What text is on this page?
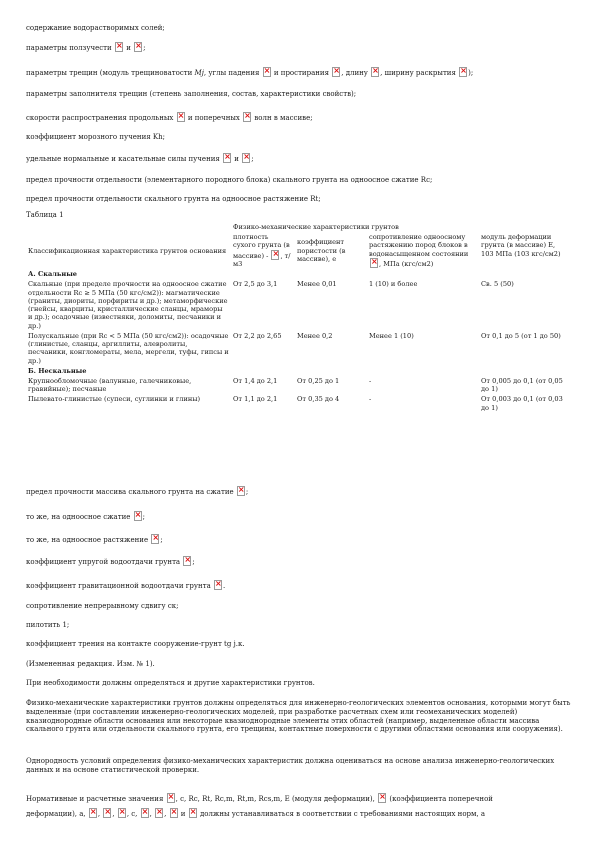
содержание водорастворимых солей;
параметры ползучести × и × ;
параметры трещин (модуль трещиноватости Mj, углы падения × и простирания × , длину × , ширину раскрытия × );
параметры заполнителя трещин (степень заполнения, состав, характеристики свойств);
скорости распространения продольных × и поперечных × волн в массиве;
коэффициент морозного пучения Kh;
удельные нормальные и касательные силы пучения × и × ;
предел прочности отдельности (элементарного породного блока) скального грунта на одноосное сжатие Rc;
предел прочности отдельности скального грунта на одноосное растяжение Rt;
Таблица 1
	Физико-механические характеристики грунтов			
Классификационная характеристика грунтов основания	плотность сухого грунта (в массиве) - × , т/м3	коэффициент пористости (в массиве), е	сопротивление одноосному растяжению пород блоков в водонасыщенном состоянии ×, МПа (кгс/см2)	модуль деформации грунта (в массиве) Е, 103 МПа (103 кгс/см2)
А. Скальные				
Скальные (при пределе прочности на одноосное сжатие отдельности Rc ≥ 5 МПа (50 кгс/см2)): магматические (граниты, диориты, порфириты и др.); метаморфические (гнейсы, кварциты, кристаллические сланцы, мраморы и др.); осадочные (известняки, доломиты, песчаники и др.)	От 2,5 до 3,1	Менее 0,01	1 (10) и более	Св. 5 (50)
Полускальные (при Rc < 5 МПа (50 кгс/см2)): осадочные (глинистые, сланцы, аргиллиты, алевролиты, песчаники, конгломераты, мела, мергели, туфы, гипсы и др.)	От 2,2 до 2,65	Менее 0,2	Менее 1 (10)	От 0,1 до 5 (от 1 до 50)
Б. Нескальные				
Крупнообломочные (валунные, галечниковые, гравийные); песчаные	От 1,4 до 2,1	От 0,25 до 1	-	От 0,005 до 0,1 (от 0,05 до 1)
Пылевато-глинистые (супеси, суглинки и глины)	От 1,1 до 2,1	От 0,35 до 4	-	От 0,003 до 0,1 (от 0,03 до 1)
предел прочности массива скального грунта на сжатие × ;
то же, на одноосное сжатие × ;
то же, на одноосное растяжение × ;
коэффициент упругой водоотдачи грунта × ;
коэффициент гравитационной водоотдачи грунта × .
сопротивление непрерывному сдвигу ск;
пилотить 1;
коэффициент трения на контакте сооружение-грунт tg j.к.
(Измененная редакция. Изм. № 1).
При необходимости должны определяться и другие характеристики грунтов.
Физико-механические характеристики грунтов должны определяться для инженерно-геологических элементов основания, которыми могут быть выделенные (при составлении инженерно-геологических моделей, при разработке расчетных схем или геомеханических моделей) квазиоднородные области основания или некоторые квазиоднородные элементы этих областей (например, выделенные области массива скального грунта или отдельности скального грунта, его трещины, контактные поверхности с другими областями основания или сооружения).
Однородность условий определения физико-механических характеристик должна оцениваться на основе анализа инженерно-геологических данных и на основе статистической проверки.
Нормативные и расчетные значения × , с, Rc, Rt, Rc,m, Rt,m, Rcs,m, E (модуля деформации), × (коэффициента поперечной
деформации), а, × , ×, ×, с, × , ×, × и × должны устанавливаться в соответствии с требованиями настоящих норм, а
